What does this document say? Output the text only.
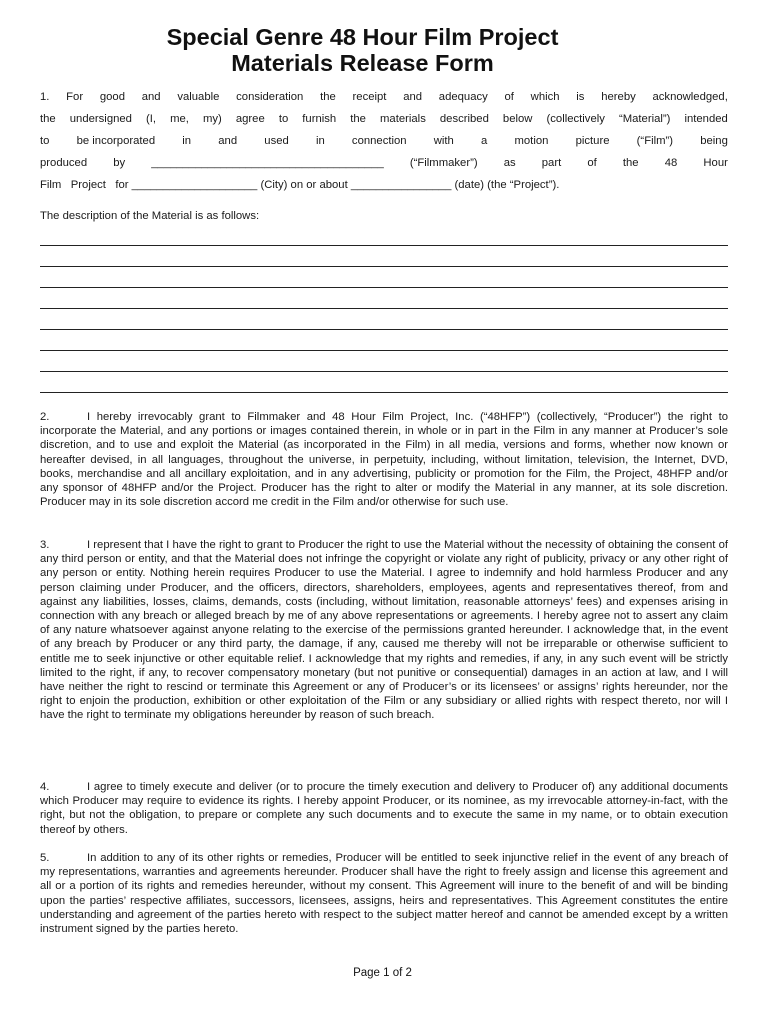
Special Genre 48 Hour Film Project
Materials Release Form
1. For good and valuable consideration the receipt and adequacy of which is hereby acknowledged,
the undersigned (I, me, my) agree to furnish the materials described below (collectively “Material”) intended
to be incorporated in and used in connection with a motion picture (“Film”) being
produced by _____________________________________ (“Filmmaker”) as part of the 48 Hour
Film   Project   for ____________________ (City) on or about ________________ (date) (the “Project”).
The description of the Material is as follows:
2.	I hereby irrevocably grant to Filmmaker and 48 Hour Film Project, Inc. (“48HFP”) (collectively, “Producer”) the right to incorporate the Material, and any portions or images contained therein, in whole or in part in the Film in any manner at Producer’s sole discretion, and to use and exploit the Material (as incorporated in the Film) in all media, versions and forms, whether now known or hereafter devised, in all languages, throughout the universe, in perpetuity, including, without limitation, television, the Internet, DVD, books, merchandise and all ancillary exploitation, and in any advertising, publicity or promotion for the Film, the Project, 48HFP and/or any sponsor of 48HFP and/or the Project. Producer has the right to alter or modify the Material in any manner, at its sole discretion. Producer may in its sole discretion accord me credit in the Film and/or otherwise for such use.
3.	I represent that I have the right to grant to Producer the right to use the Material without the necessity of obtaining the consent of any third person or entity, and that the Material does not infringe the copyright or violate any right of publicity, privacy or any other right of any person or entity. Nothing herein requires Producer to use the Material. I agree to indemnify and hold harmless Producer and any person claiming under Producer, and the officers, directors, shareholders, employees, agents and representatives thereof, from and against any liabilities, losses, claims, demands, costs (including, without limitation, reasonable attorneys’ fees) and expenses arising in connection with any breach or alleged breach by me of any above representations or agreements. I hereby agree not to assert any claim of any nature whatsoever against anyone relating to the exercise of the permissions granted hereunder. I acknowledge that, in the event of any breach by Producer or any third party, the damage, if any, caused me thereby will not be irreparable or otherwise sufficient to entitle me to seek injunctive or other equitable relief. I acknowledge that my rights and remedies, if any, in any such event will be strictly limited to the right, if any, to recover compensatory monetary (but not punitive or consequential) damages in an action at law, and I will have neither the right to rescind or terminate this Agreement or any of Producer’s or its licensees’ or assigns’ rights hereunder, nor the right to enjoin the production, exhibition or other exploitation of the Film or any subsidiary or allied rights with respect thereto, nor will I have the right to terminate my obligations hereunder by reason of such breach.
4.	I agree to timely execute and deliver (or to procure the timely execution and delivery to Producer of) any additional documents which Producer may require to evidence its rights. I hereby appoint Producer, or its nominee, as my irrevocable attorney-in-fact, with the right, but not the obligation, to prepare or complete any such documents and to execute the same in my name, or to obtain execution thereof by others.
5.	In addition to any of its other rights or remedies, Producer will be entitled to seek injunctive relief in the event of any breach of my representations, warranties and agreements hereunder. Producer shall have the right to freely assign and license this agreement and all or a portion of its rights and remedies hereunder, without my consent. This Agreement will inure to the benefit of and will be binding upon the parties’ respective affiliates, successors, licensees, assigns, heirs and representatives. This Agreement constitutes the entire understanding and agreement of the parties hereto with respect to the subject matter hereof and cannot be amended except by a written instrument signed by the parties hereto.
Page 1 of 2
